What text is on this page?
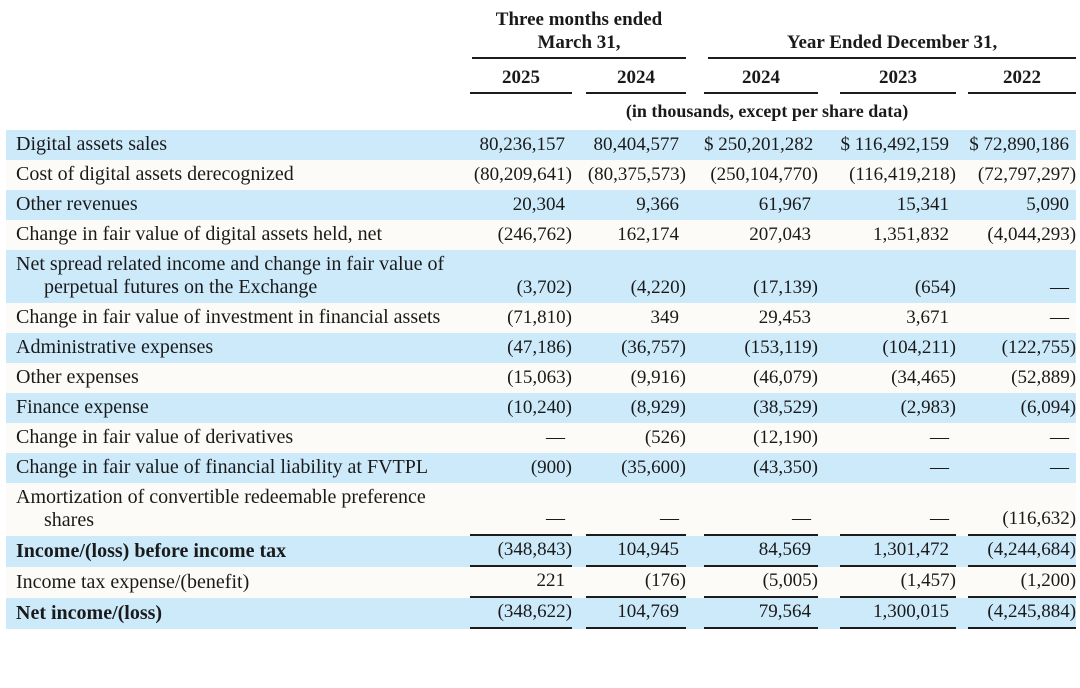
	Three months ended
March 31,		Year Ended December 31,		

	2025	2024	2024	2023	2022

	(in thousands, except per share data)				
Digital assets sales	80,236,157	80,404,577	$ 250,201,282	$ 116,492,159	$ 72,890,186

Cost of digital assets derecognized	(80,209,641)	(80,375,573)	(250,104,770)	(116,419,218)	(72,797,297)

Other revenues	20,304	9,366	61,967	15,341	5,090

Change in fair value of digital assets held, net	(246,762)	162,174	207,043	1,351,832	(4,044,293)

Net spread related income and change in fair value of perpetual futures on the Exchange	(3,702)	(4,220)	(17,139)	(654)	—

Change in fair value of investment in financial assets	(71,810)	349	29,453	3,671	—

Administrative expenses	(47,186)	(36,757)	(153,119)	(104,211)	(122,755)

Other expenses	(15,063)	(9,916)	(46,079)	(34,465)	(52,889)

Finance expense	(10,240)	(8,929)	(38,529)	(2,983)	(6,094)

Change in fair value of derivatives	—	(526)	(12,190)	—	—

Change in fair value of financial liability at FVTPL	(900)	(35,600)	(43,350)	—	—

Amortization of convertible redeemable preference shares	—	—	—	—	(116,632)

Income/(loss) before income tax	(348,843)	104,945	84,569	1,301,472	(4,244,684)

Income tax expense/(benefit)	221	(176)	(5,005)	(1,457)	(1,200)

Net income/(loss)	(348,622)	104,769	79,564	1,300,015	(4,245,884)
